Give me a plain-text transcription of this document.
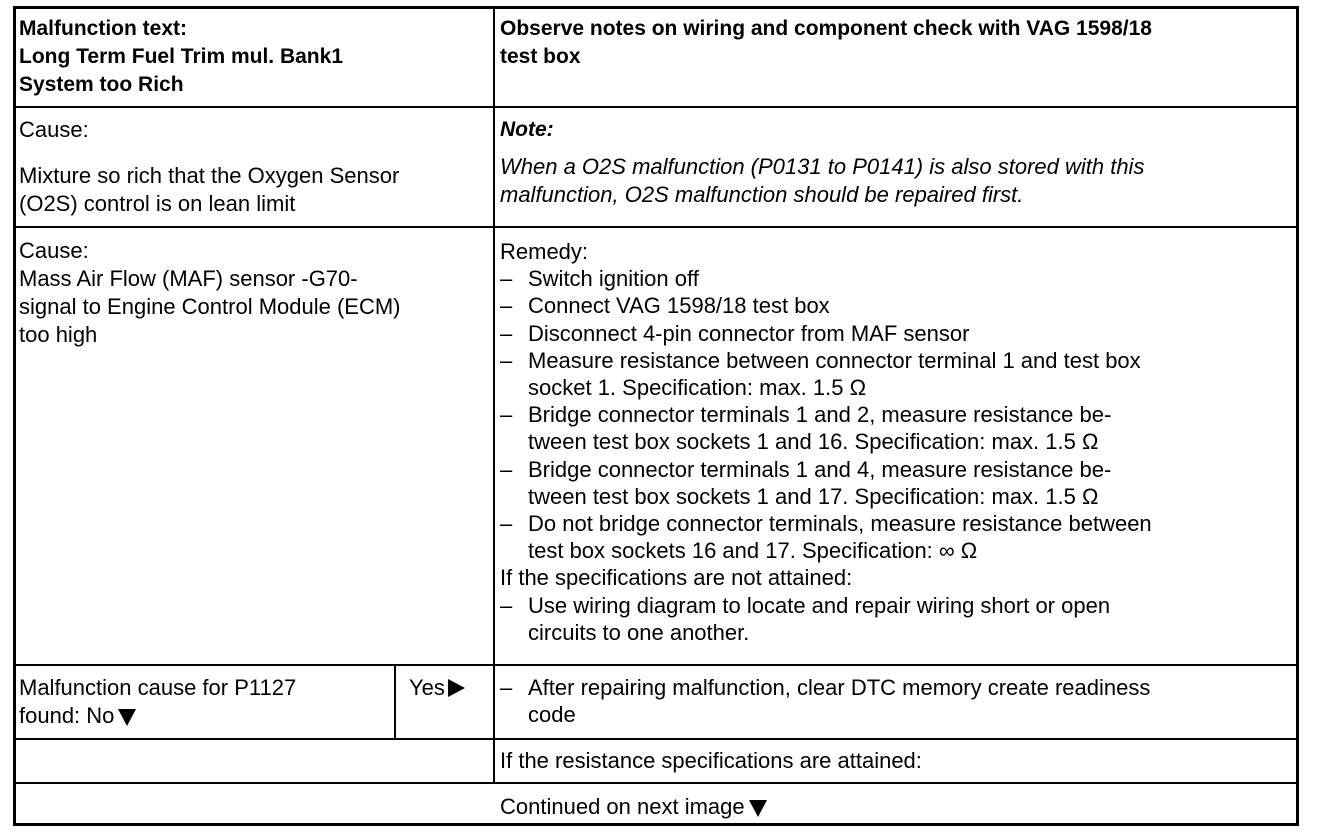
Malfunction text:
Long Term Fuel Trim mul. Bank1
System too Rich
Observe notes on wiring and component check with VAG 1598/18
test box
Cause:
Mixture so rich that the Oxygen Sensor
(O2S) control is on lean limit
Note:
When a O2S malfunction (P0131 to P0141) is also stored with this
malfunction, O2S malfunction should be repaired first.
Cause:
Mass Air Flow (MAF) sensor -G70-
signal to Engine Control Module (ECM)
too high
Remedy:
– Switch ignition off
– Connect VAG 1598/18 test box
– Disconnect 4-pin connector from MAF sensor
– Measure resistance between connector terminal 1 and test box
socket 1. Specification: max. 1.5 Ω
– Bridge connector terminals 1 and 2, measure resistance be-
tween test box sockets 1 and 16. Specification: max. 1.5 Ω
– Bridge connector terminals 1 and 4, measure resistance be-
tween test box sockets 1 and 17. Specification: max. 1.5 Ω
– Do not bridge connector terminals, measure resistance between
test box sockets 16 and 17. Specification: ∞ Ω
If the specifications are not attained:
– Use wiring diagram to locate and repair wiring short or open
circuits to one another.
Malfunction cause for P1127
found: No
Yes	– After repairing malfunction, clear DTC memory create readiness
code
If the resistance specifications are attained:
Continued on next image
